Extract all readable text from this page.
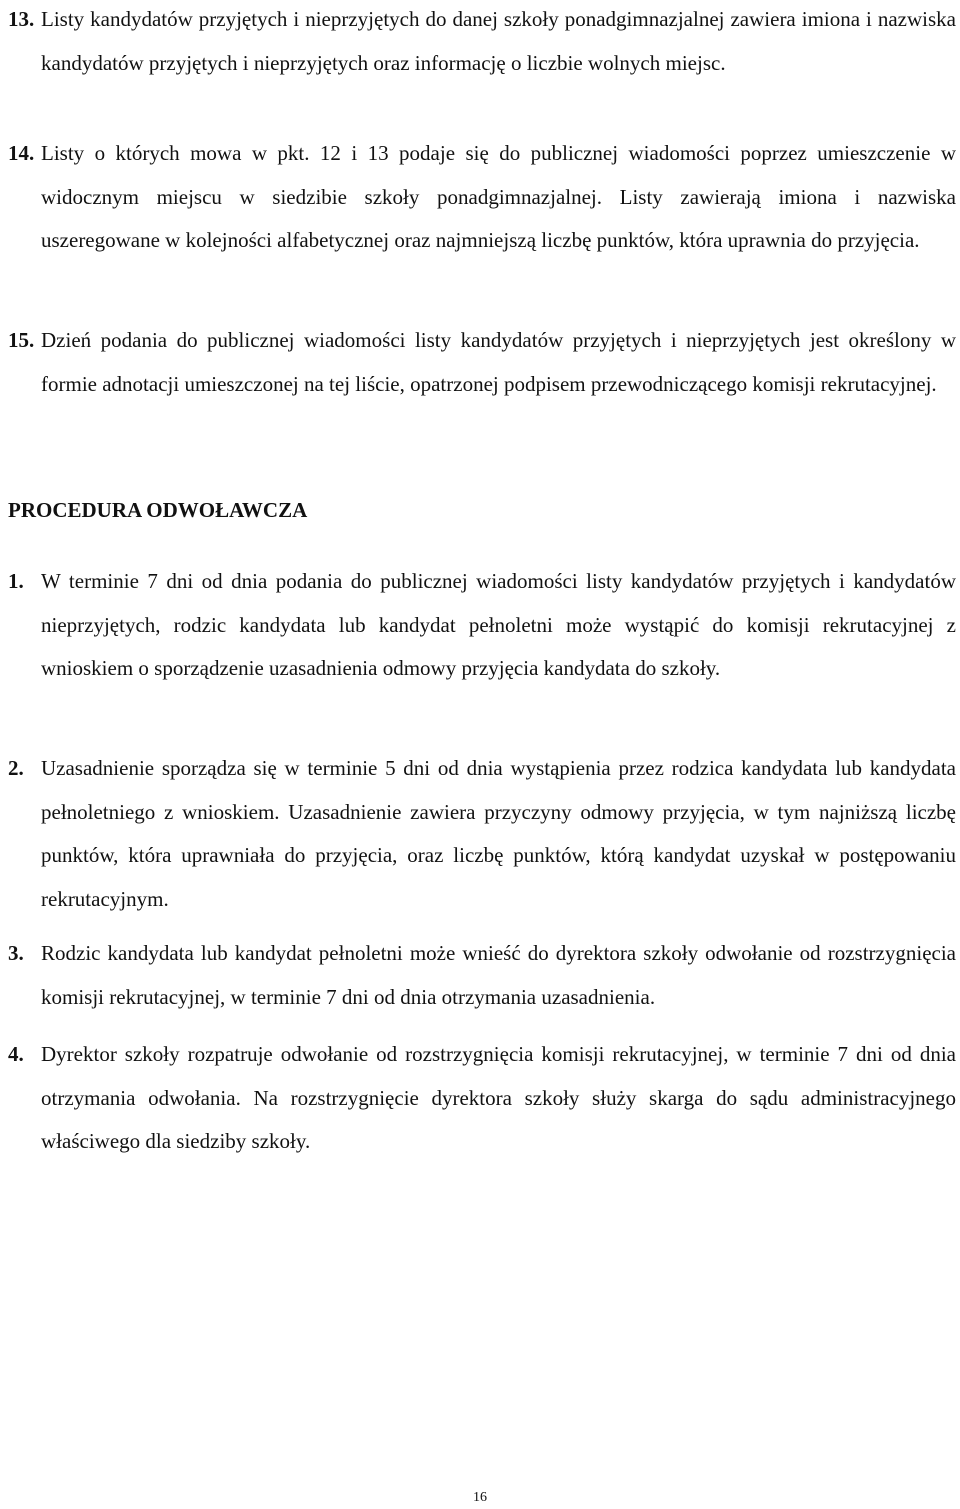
13. Listy kandydatów przyjętych i nieprzyjętych do danej szkoły ponadgimnazjalnej zawiera imiona i nazwiska kandydatów przyjętych i nieprzyjętych oraz informację o liczbie wolnych miejsc.
14. Listy o których mowa w pkt. 12 i 13 podaje się do publicznej wiadomości poprzez umieszczenie w widocznym miejscu w siedzibie szkoły ponadgimnazjalnej. Listy zawierają imiona i nazwiska uszeregowane w kolejności alfabetycznej oraz najmniejszą liczbę punktów, która uprawnia do przyjęcia.
15. Dzień podania do publicznej wiadomości listy kandydatów przyjętych i nieprzyjętych jest określony w formie adnotacji umieszczonej na tej liście, opatrzonej podpisem przewodniczącego komisji rekrutacyjnej.
PROCEDURA ODWOŁAWCZA
1. W terminie 7 dni od dnia podania do publicznej wiadomości listy kandydatów przyjętych i kandydatów nieprzyjętych, rodzic kandydata lub kandydat pełnoletni może wystąpić do komisji rekrutacyjnej z wnioskiem o sporządzenie uzasadnienia odmowy przyjęcia kandydata do szkoły.
2. Uzasadnienie sporządza się w terminie 5 dni od dnia wystąpienia przez rodzica kandydata lub kandydata pełnoletniego z wnioskiem. Uzasadnienie zawiera przyczyny odmowy przyjęcia, w tym najniższą liczbę punktów, która uprawniała do przyjęcia, oraz liczbę punktów, którą kandydat uzyskał w postępowaniu rekrutacyjnym.
3. Rodzic kandydata lub kandydat pełnoletni może wnieść do dyrektora szkoły odwołanie od rozstrzygnięcia komisji rekrutacyjnej, w terminie 7 dni od dnia otrzymania uzasadnienia.
4. Dyrektor szkoły rozpatruje odwołanie od rozstrzygnięcia komisji rekrutacyjnej, w terminie 7 dni od dnia otrzymania odwołania. Na rozstrzygnięcie dyrektora szkoły służy skarga do sądu administracyjnego właściwego dla siedziby szkoły.
16
